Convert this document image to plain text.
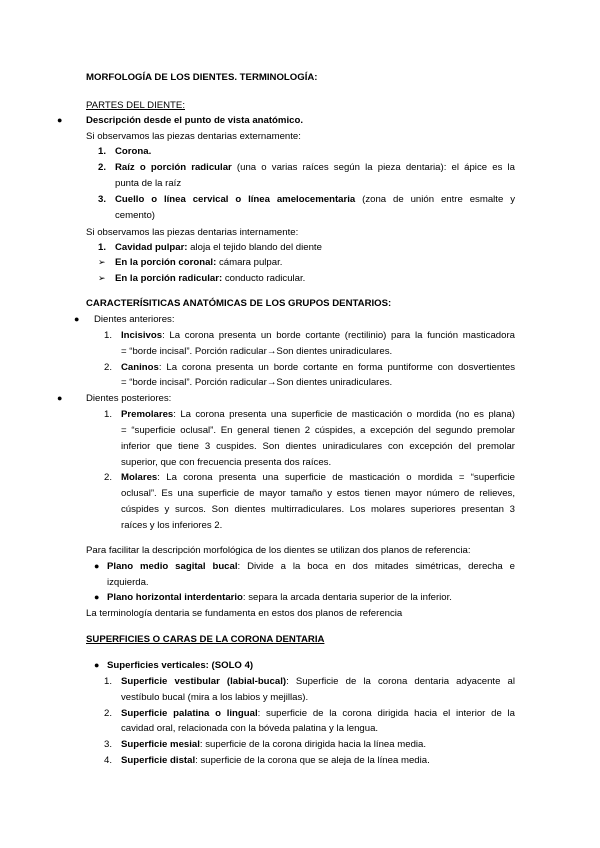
MORFOLOGÍA DE LOS DIENTES. TERMINOLOGÍA:
PARTES DEL DIENTE:
● Descripción desde el punto de vista anatómico.
Si observamos las piezas dentarias externamente:
1. Corona.
2. Raíz o porción radicular (una o varias raíces según la pieza dentaria): el ápice es la
punta de la raíz
3. Cuello o línea cervical o línea amelocementaria (zona de unión entre esmalte y
cemento)
Si observamos las piezas dentarias internamente:
1. Cavidad pulpar: aloja el tejido blando del diente
➢ En la porción coronal: cámara pulpar.
➢ En la porción radicular: conducto radicular.
CARACTERÍSITICAS ANATÓMICAS DE LOS GRUPOS DENTARIOS:
● Dientes anteriores:
1. Incisivos: La corona presenta un borde cortante (rectilinio) para la función masticadora
= “borde incisal”. Porción radicular→Son dientes uniradiculares.
2. Caninos: La corona presenta un borde cortante en forma puntiforme con dosvertientes
= “borde incisal”. Porción radicular→Son dientes uniradiculares.
● Dientes posteriores:
1. Premolares: La corona presenta una superficie de masticación o mordida (no es plana)
= “superficie oclusal”. En general tienen 2 cúspides, a excepción del segundo premolar
inferior que tiene 3 cuspides. Son dientes uniradiculares con excepción del premolar
superior, que con frecuencia presenta dos raíces.
2. Molares: La corona presenta una superficie de masticación o mordida = “superficie
oclusal”. Es una superficie de mayor tamaño y estos tienen mayor número de relieves,
cúspides y surcos. Son dientes multirradiculares. Los molares superiores presentan 3
raíces y los inferiores 2.
Para facilitar la descripción morfológica de los dientes se utilizan dos planos de referencia:
● Plano medio sagital bucal: Divide a la boca en dos mitades simétricas, derecha e
izquierda.
● Plano horizontal interdentario: separa la arcada dentaria superior de la inferior.
La terminología dentaria se fundamenta en estos dos planos de referencia
SUPERFICIES O CARAS DE LA CORONA DENTARIA
● Superficies verticales: (SOLO 4)
1. Superficie vestibular (labial-bucal): Superficie de la corona dentaria adyacente al
vestíbulo bucal (mira a los labios y mejillas).
2. Superficie palatina o lingual: superficie de la corona dirigida hacia el interior de la
cavidad oral, relacionada con la bóveda palatina y la lengua.
3. Superficie mesial: superficie de la corona dirigida hacia la línea media.
4. Superficie distal: superficie de la corona que se aleja de la línea media.
